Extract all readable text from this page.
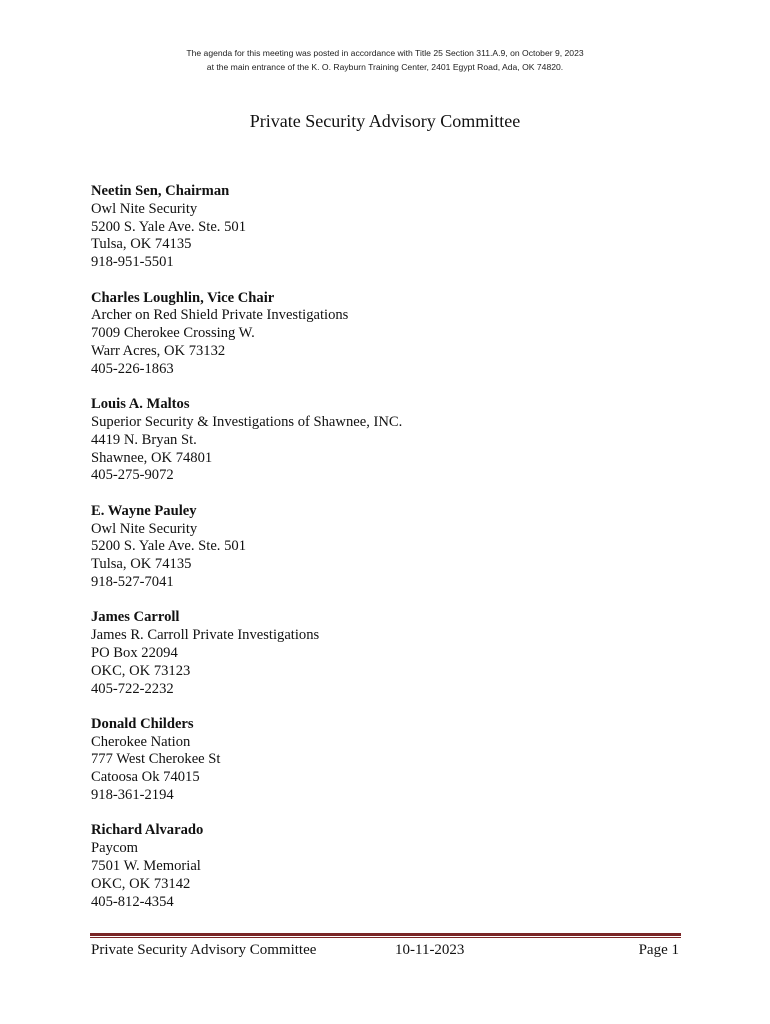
The agenda for this meeting was posted in accordance with Title 25 Section 311.A.9, on October 9, 2023
at the main entrance of the K. O. Rayburn Training Center, 2401 Egypt Road, Ada, OK 74820.
Private Security Advisory Committee
Neetin Sen, Chairman
Owl Nite Security
5200 S. Yale Ave. Ste. 501
Tulsa, OK 74135
918-951-5501
Charles Loughlin, Vice Chair
Archer on Red Shield Private Investigations
7009 Cherokee Crossing W.
Warr Acres, OK 73132
405-226-1863
Louis A. Maltos
Superior Security & Investigations of Shawnee, INC.
4419 N. Bryan St.
Shawnee, OK 74801
405-275-9072
E. Wayne Pauley
Owl Nite Security
5200 S. Yale Ave. Ste. 501
Tulsa, OK 74135
918-527-7041
James Carroll
James R. Carroll Private Investigations
PO Box 22094
OKC, OK 73123
405-722-2232
Donald Childers
Cherokee Nation
777 West Cherokee St
Catoosa Ok 74015
918-361-2194
Richard Alvarado
Paycom
7501 W. Memorial
OKC, OK 73142
405-812-4354
Private Security Advisory Committee	10-11-2023	Page 1
